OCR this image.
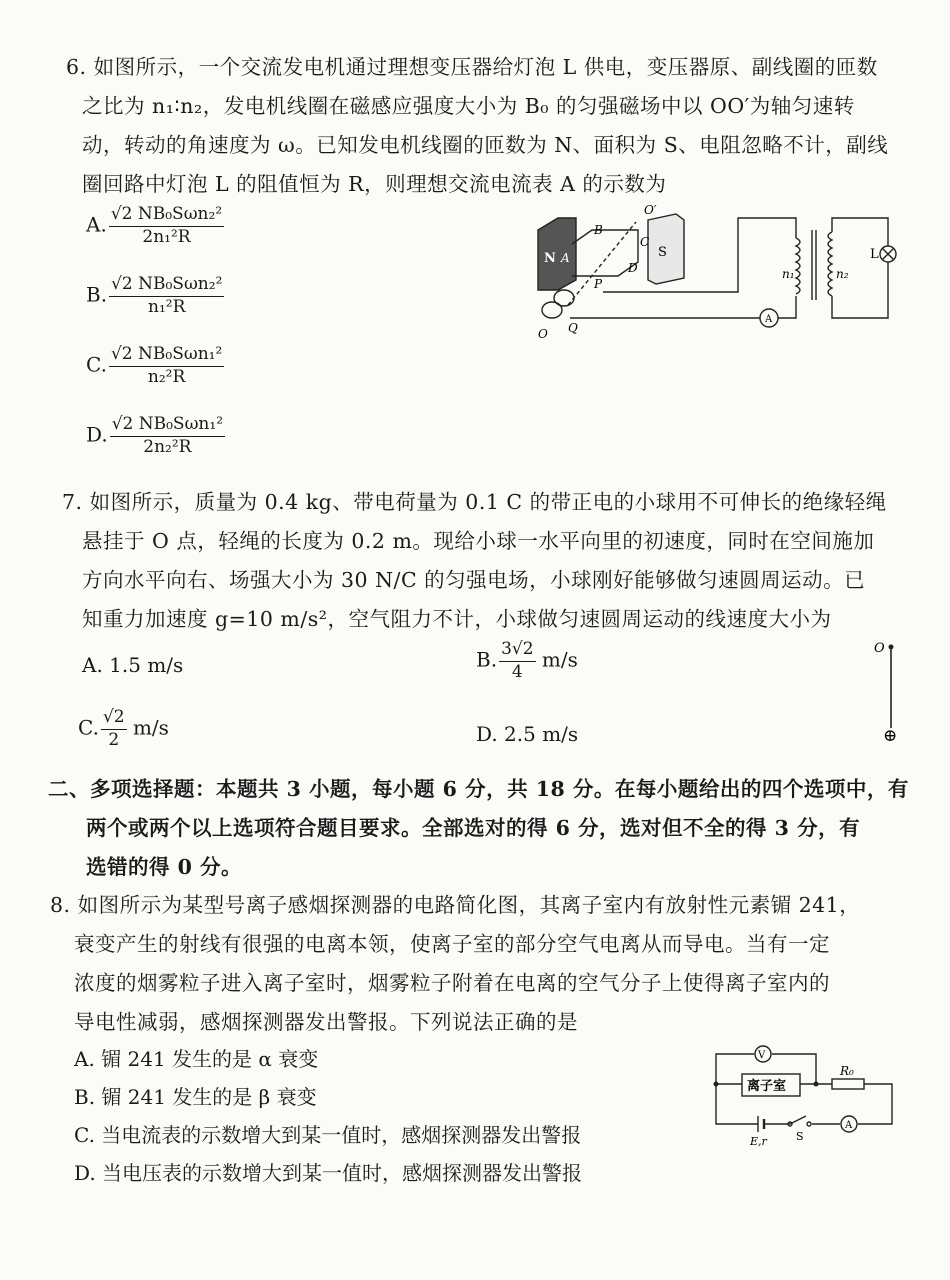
6. 如图所示，一个交流发电机通过理想变压器给灯泡 L 供电，变压器原、副线圈的匝数
之比为 n₁∶n₂，发电机线圈在磁感应强度大小为 B₀ 的匀强磁场中以 OO′为轴匀速转
动，转动的角速度为 ω。已知发电机线圈的匝数为 N、面积为 S、电阻忽略不计，副线
圈回路中灯泡 L 的阻值恒为 R，则理想交流电流表 A 的示数为
A. $\frac{\text{√2 NB₀Sωn₂²}}{\text{2n₁²R}}$
B. $\frac{\text{√2 NB₀Sωn₂²}}{\text{n₁²R}}$
C. $\frac{\text{√2 NB₀Sωn₁²}}{\text{n₂²R}}$
D. $\frac{\text{√2 NB₀Sωn₁²}}{\text{2n₂²R}}$
N A
B
O′
C
D
S
P
O Q
n₁	n₂
L
A
7. 如图所示，质量为 0.4 kg、带电荷量为 0.1 C 的带正电的小球用不可伸长的绝缘轻绳
悬挂于 O 点，轻绳的长度为 0.2 m。现给小球一水平向里的初速度，同时在空间施加
方向水平向右、场强大小为 30 N/C 的匀强电场，小球刚好能够做匀速圆周运动。已
知重力加速度 g=10 m/s²，空气阻力不计，小球做匀速圆周运动的线速度大小为
A. 1.5 m/s	B. $\frac{3√2}{4} m/s$
C. $\frac{√2}{2} m/s$	D. 2.5 m/s
O
⊕
二、多项选择题：本题共 3 小题，每小题 6 分，共 18 分。在每小题给出的四个选项中，有
两个或两个以上选项符合题目要求。全部选对的得 6 分，选对但不全的得 3 分，有
选错的得 0 分。
8. 如图所示为某型号离子感烟探测器的电路简化图，其离子室内有放射性元素镅 241，
衰变产生的射线有很强的电离本领，使离子室的部分空气电离从而导电。当有一定
浓度的烟雾粒子进入离子室时，烟雾粒子附着在电离的空气分子上使得离子室内的
导电性减弱，感烟探测器发出警报。下列说法正确的是
A. 镅 241 发生的是 α 衰变
B. 镅 241 发生的是 β 衰变
C. 当电流表的示数增大到某一值时，感烟探测器发出警报
D. 当电压表的示数增大到某一值时，感烟探测器发出警报
V
离子室
R₀
E,r	S
A
